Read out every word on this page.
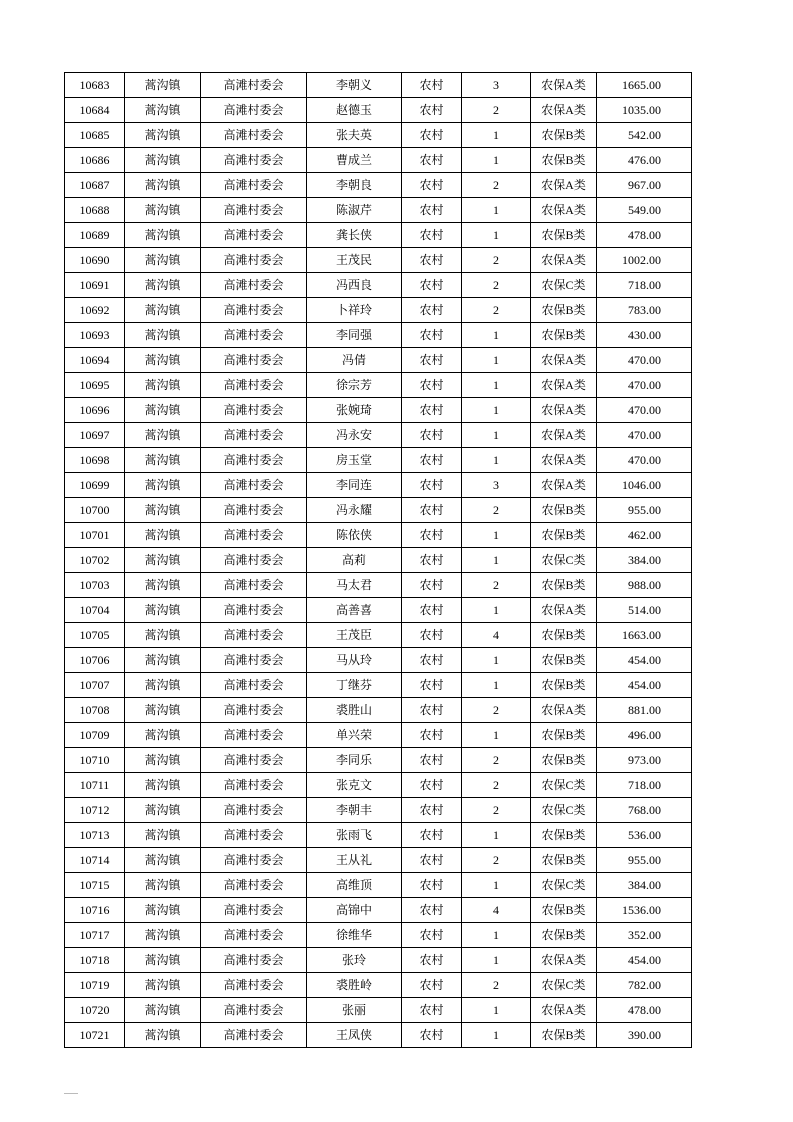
10683	蒿沟镇	高滩村委会	李朝义	农村	3	农保A类	1665.00
10684	蒿沟镇	高滩村委会	赵德玉	农村	2	农保A类	1035.00
10685	蒿沟镇	高滩村委会	张夫英	农村	1	农保B类	542.00
10686	蒿沟镇	高滩村委会	曹成兰	农村	1	农保B类	476.00
10687	蒿沟镇	高滩村委会	李朝良	农村	2	农保A类	967.00
10688	蒿沟镇	高滩村委会	陈淑芹	农村	1	农保A类	549.00
10689	蒿沟镇	高滩村委会	龚长侠	农村	1	农保B类	478.00
10690	蒿沟镇	高滩村委会	王茂民	农村	2	农保A类	1002.00
10691	蒿沟镇	高滩村委会	冯西良	农村	2	农保C类	718.00
10692	蒿沟镇	高滩村委会	卜祥玲	农村	2	农保B类	783.00
10693	蒿沟镇	高滩村委会	李同强	农村	1	农保B类	430.00
10694	蒿沟镇	高滩村委会	冯倩	农村	1	农保A类	470.00
10695	蒿沟镇	高滩村委会	徐宗芳	农村	1	农保A类	470.00
10696	蒿沟镇	高滩村委会	张婉琦	农村	1	农保A类	470.00
10697	蒿沟镇	高滩村委会	冯永安	农村	1	农保A类	470.00
10698	蒿沟镇	高滩村委会	房玉堂	农村	1	农保A类	470.00
10699	蒿沟镇	高滩村委会	李同连	农村	3	农保A类	1046.00
10700	蒿沟镇	高滩村委会	冯永耀	农村	2	农保B类	955.00
10701	蒿沟镇	高滩村委会	陈依侠	农村	1	农保B类	462.00
10702	蒿沟镇	高滩村委会	高莉	农村	1	农保C类	384.00
10703	蒿沟镇	高滩村委会	马太君	农村	2	农保B类	988.00
10704	蒿沟镇	高滩村委会	高善喜	农村	1	农保A类	514.00
10705	蒿沟镇	高滩村委会	王茂臣	农村	4	农保B类	1663.00
10706	蒿沟镇	高滩村委会	马从玲	农村	1	农保B类	454.00
10707	蒿沟镇	高滩村委会	丁继芬	农村	1	农保B类	454.00
10708	蒿沟镇	高滩村委会	裘胜山	农村	2	农保A类	881.00
10709	蒿沟镇	高滩村委会	单兴荣	农村	1	农保B类	496.00
10710	蒿沟镇	高滩村委会	李同乐	农村	2	农保B类	973.00
10711	蒿沟镇	高滩村委会	张克文	农村	2	农保C类	718.00
10712	蒿沟镇	高滩村委会	李朝丰	农村	2	农保C类	768.00
10713	蒿沟镇	高滩村委会	张雨飞	农村	1	农保B类	536.00
10714	蒿沟镇	高滩村委会	王从礼	农村	2	农保B类	955.00
10715	蒿沟镇	高滩村委会	高维顶	农村	1	农保C类	384.00
10716	蒿沟镇	高滩村委会	高锦中	农村	4	农保B类	1536.00
10717	蒿沟镇	高滩村委会	徐维华	农村	1	农保B类	352.00
10718	蒿沟镇	高滩村委会	张玲	农村	1	农保A类	454.00
10719	蒿沟镇	高滩村委会	裘胜岭	农村	2	农保C类	782.00
10720	蒿沟镇	高滩村委会	张丽	农村	1	农保A类	478.00
10721	蒿沟镇	高滩村委会	王凤侠	农村	1	农保B类	390.00
